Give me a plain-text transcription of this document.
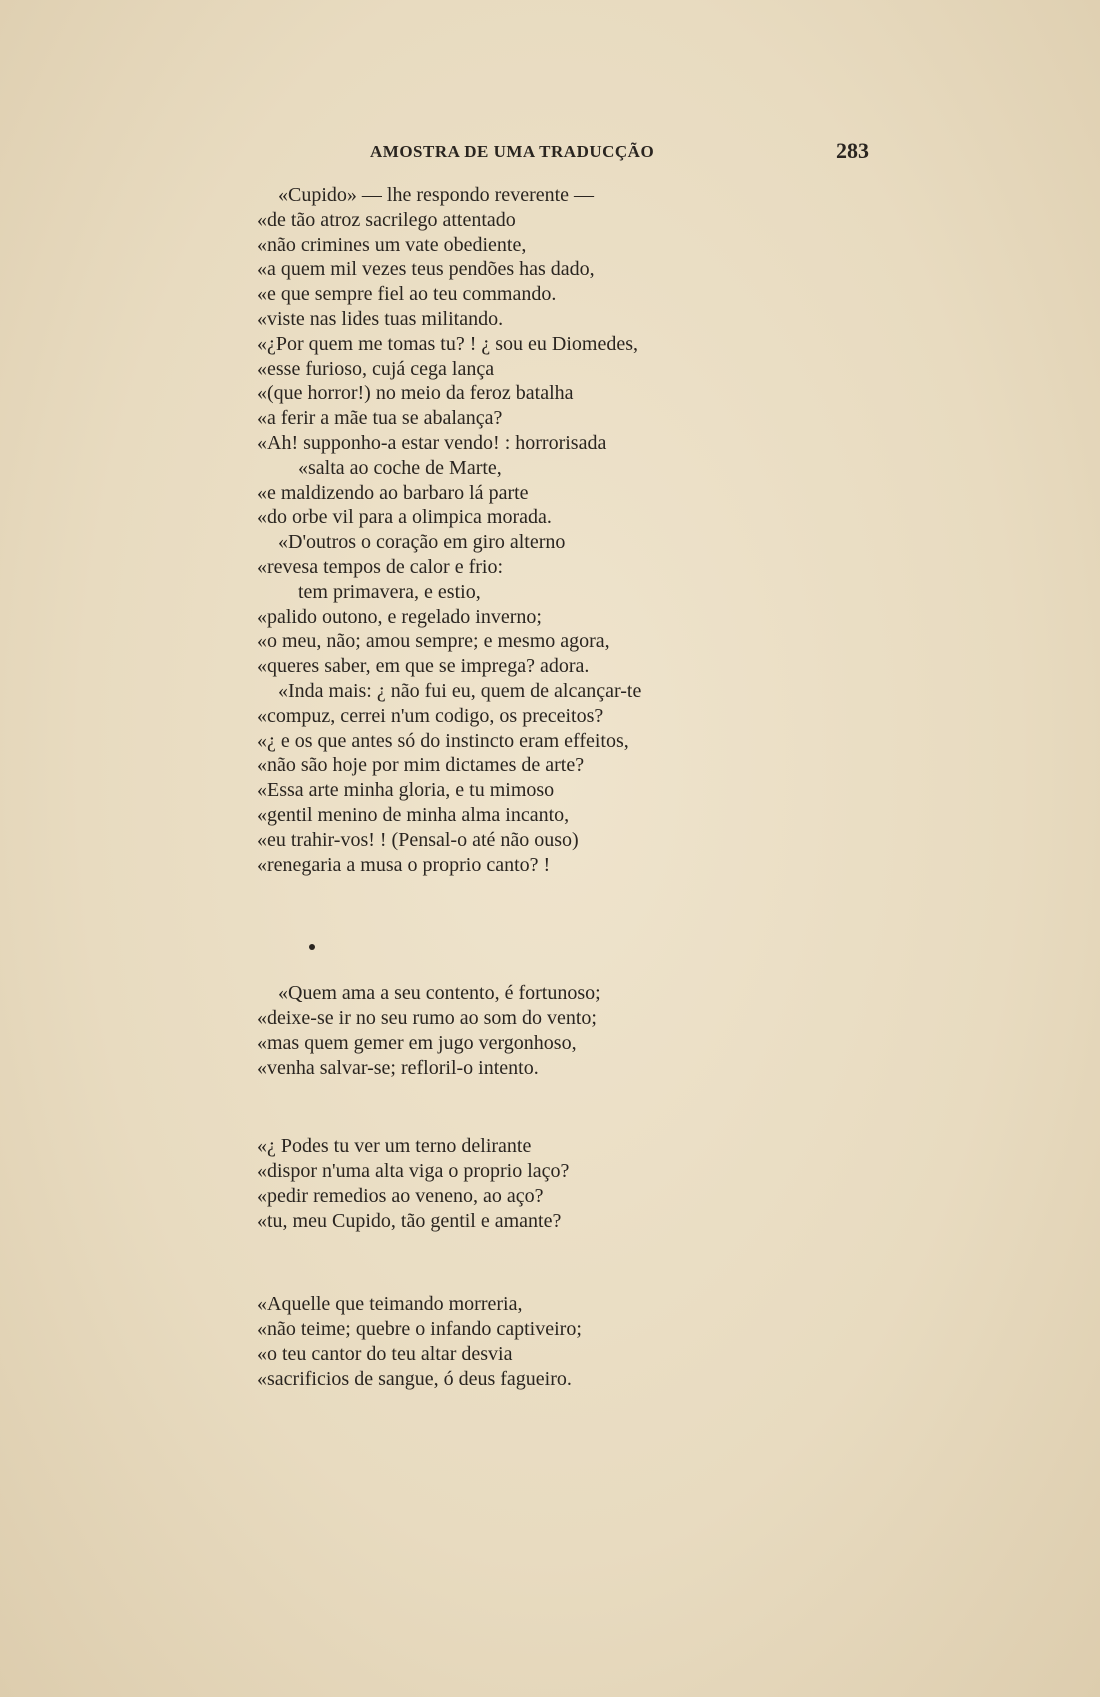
AMOSTRA DE UMA TRADUCÇÃO	283
«Cupido» — lhe respondo reverente —
«de tão atroz sacrilego attentado
«não crimines um vate obediente,
«a quem mil vezes teus pendões has dado,
«e que sempre fiel ao teu commando.
«viste nas lides tuas militando.
«¿Por quem me tomas tu? ! ¿ sou eu Diomedes,
«esse furioso, cujá cega lança
«(que horror!) no meio da feroz batalha
«a ferir a mãe tua se abalança?
«Ah! supponho-a estar vendo! : horrorisada
«salta ao coche de Marte,
«e maldizendo ao barbaro lá parte
«do orbe vil para a olimpica morada.
«D'outros o coração em giro alterno
«revesa tempos de calor e frio:
tem primavera, e estio,
«palido outono, e regelado inverno;
«o meu, não; amou sempre; e mesmo agora,
«queres saber, em que se imprega? adora.
«Inda mais: ¿ não fui eu, quem de alcançar-te
«compuz, cerrei n'um codigo, os preceitos?
«¿ e os que antes só do instincto eram effeitos,
«não são hoje por mim dictames de arte?
«Essa arte minha gloria, e tu mimoso
«gentil menino de minha alma incanto,
«eu trahir-vos! ! (Pensal-o até não ouso)
«renegaria a musa o proprio canto? !
«Quem ama a seu contento, é fortunoso;
«deixe-se ir no seu rumo ao som do vento;
«mas quem gemer em jugo vergonhoso,
«venha salvar-se; refloril-o intento.
«¿ Podes tu ver um terno delirante
«dispor n'uma alta viga o proprio laço?
«pedir remedios ao veneno, ao aço?
«tu, meu Cupido, tão gentil e amante?
«Aquelle que teimando morreria,
«não teime; quebre o infando captiveiro;
«o teu cantor do teu altar desvia
«sacrificios de sangue, ó deus fagueiro.
